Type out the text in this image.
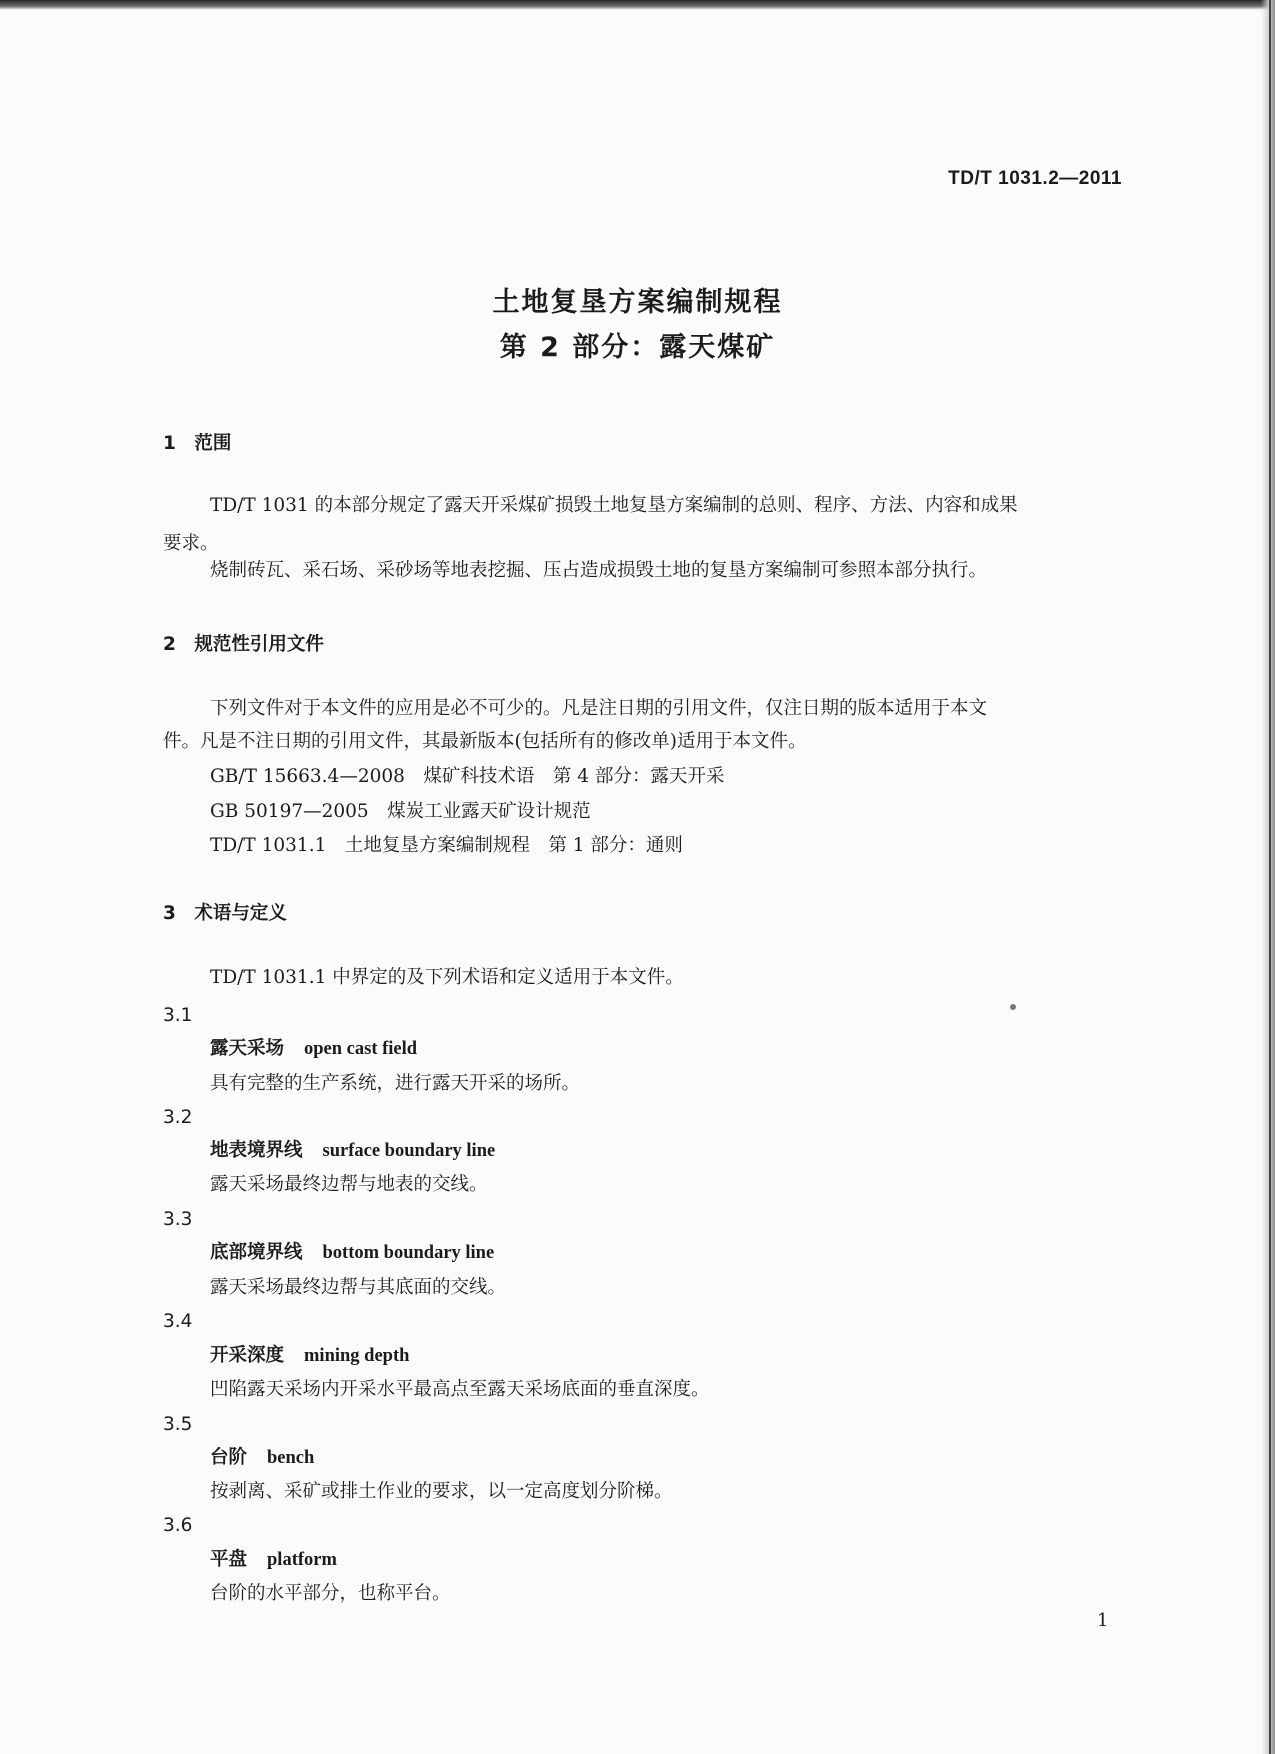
TD/T 1031.2—2011
土地复垦方案编制规程
第 2 部分：露天煤矿
1　范围
TD/T 1031 的本部分规定了露天开采煤矿损毁土地复垦方案编制的总则、程序、方法、内容和成果
要求。
烧制砖瓦、采石场、采砂场等地表挖掘、压占造成损毁土地的复垦方案编制可参照本部分执行。
2　规范性引用文件
下列文件对于本文件的应用是必不可少的。凡是注日期的引用文件，仅注日期的版本适用于本文
件。凡是不注日期的引用文件，其最新版本(包括所有的修改单)适用于本文件。
GB/T 15663.4—2008　煤矿科技术语　第 4 部分：露天开采
GB 50197—2005　煤炭工业露天矿设计规范
TD/T 1031.1　土地复垦方案编制规程　第 1 部分：通则
3　术语与定义
TD/T 1031.1 中界定的及下列术语和定义适用于本文件。
3.1
露天采场 open cast field
具有完整的生产系统，进行露天开采的场所。
3.2
地表境界线 surface boundary line
露天采场最终边帮与地表的交线。
3.3
底部境界线 bottom boundary line
露天采场最终边帮与其底面的交线。
3.4
开采深度 mining depth
凹陷露天采场内开采水平最高点至露天采场底面的垂直深度。
3.5
台阶 bench
按剥离、采矿或排土作业的要求，以一定高度划分阶梯。
3.6
平盘 platform
台阶的水平部分，也称平台。
1
